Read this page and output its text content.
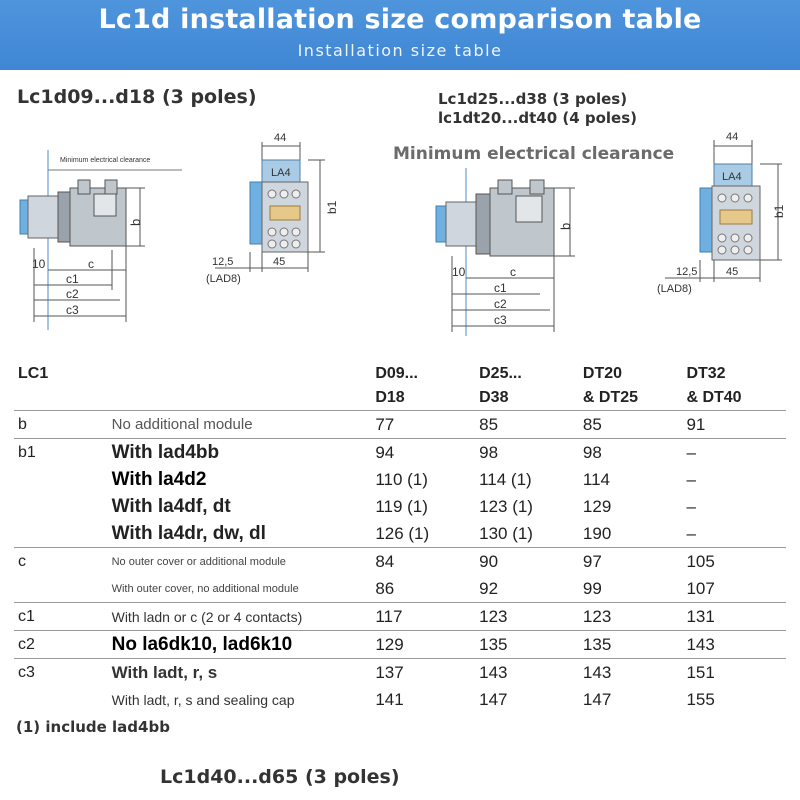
Lc1d installation size comparison table
Installation size table
Lc1d09...d18 (3 poles)	Lc1d25...d38 (3 poles)
lc1dt20...dt40 (4 poles)
Minimum electrical clearance
Minimum electrical clearance
10	c
c1
c2
c3
b
44
LA4
b1
12,5
(LAD8)
45
10	c
c1
c2
c3
b
44
LA4
b1
12,5
(LAD8)
45
LC1		D09...	D25...	DT20	DT32
		D18	D38	& DT25	& DT40
b	No additional module	77	85	85	91
b1	With lad4bb	94	98	98	–
	With la4d2	110 (1)	114 (1)	114	–
	With la4df, dt	119 (1)	123 (1)	129	–
	With la4dr, dw, dl	126 (1)	130 (1)	190	–
c	No outer cover or additional module	84	90	97	105
	With outer cover, no additional module	86	92	99	107
c1	With ladn or c (2 or 4 contacts)	117	123	123	131
c2	No la6dk10, lad6k10	129	135	135	143
c3	With ladt, r, s	137	143	143	151
	With ladt, r, s and sealing cap	141	147	147	155
(1) include lad4bb
Lc1d40...d65 (3 poles)
